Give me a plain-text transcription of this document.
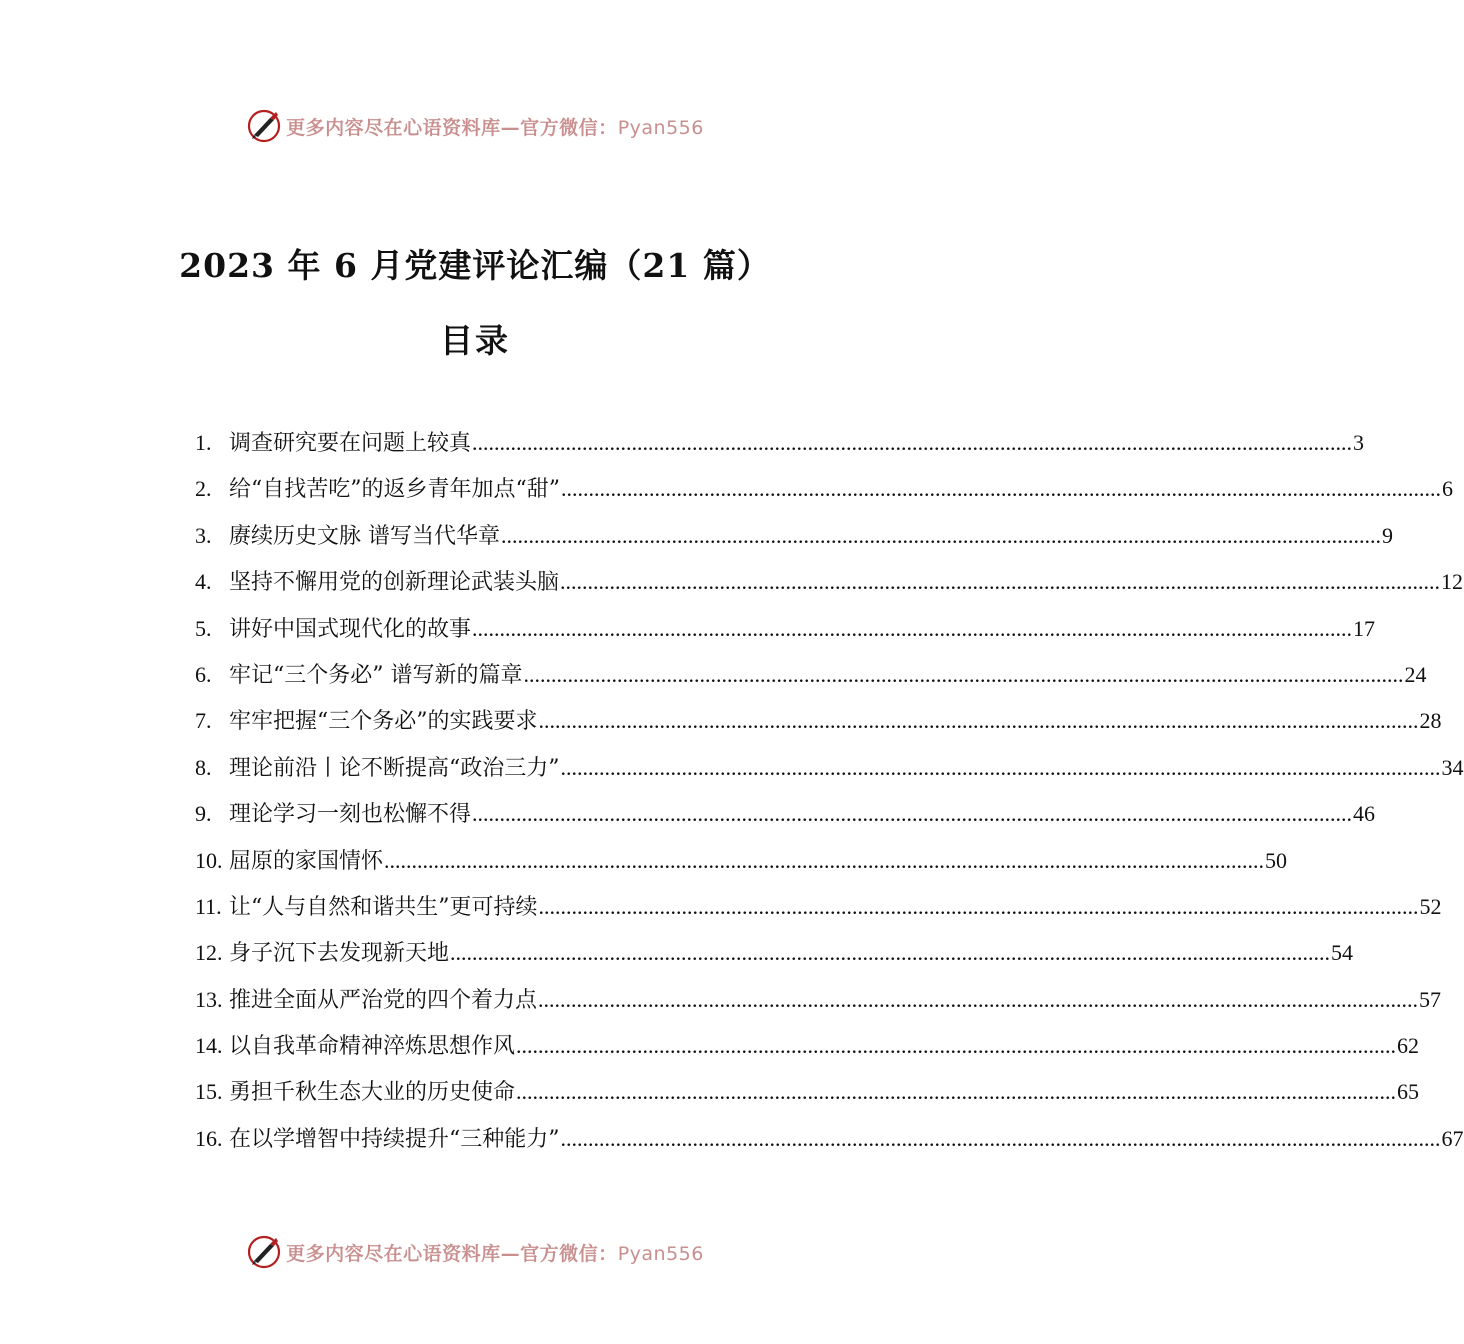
更多内容尽在心语资料库—官方微信：Pyan556
2023 年 6 月党建评论汇编（21 篇）
目录
1. 调查研究要在问题上较真 ................................................................................................................................................................ 3
2. 给“自找苦吃”的返乡青年加点“甜” ................................................................................................................................................................ 6
3. 赓续历史文脉 谱写当代华章 ................................................................................................................................................................ 9
4. 坚持不懈用党的创新理论武装头脑 ................................................................................................................................................................ 12
5. 讲好中国式现代化的故事 ................................................................................................................................................................ 17
6. 牢记“三个务必” 谱写新的篇章 ................................................................................................................................................................ 24
7. 牢牢把握“三个务必”的实践要求 ................................................................................................................................................................ 28
8. 理论前沿丨论不断提高“政治三力” ................................................................................................................................................................ 34
9. 理论学习一刻也松懈不得 ................................................................................................................................................................ 46
10. 屈原的家国情怀 ................................................................................................................................................................ 50
11. 让“人与自然和谐共生”更可持续 ................................................................................................................................................................ 52
12. 身子沉下去发现新天地 ................................................................................................................................................................ 54
13. 推进全面从严治党的四个着力点 ................................................................................................................................................................ 57
14. 以自我革命精神淬炼思想作风 ................................................................................................................................................................ 62
15. 勇担千秋生态大业的历史使命 ................................................................................................................................................................ 65
16. 在以学增智中持续提升“三种能力” ................................................................................................................................................................ 67
更多内容尽在心语资料库—官方微信：Pyan556
